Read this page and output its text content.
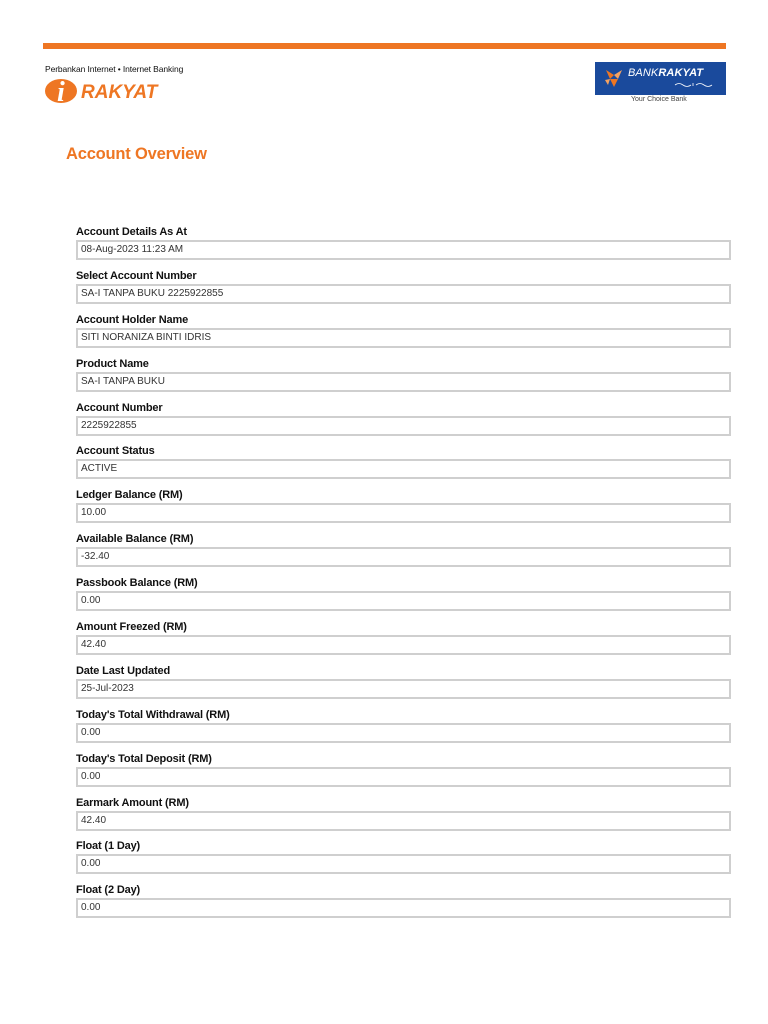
Perbankan Internet • Internet Banking
i RAKYAT
BANKRAKYAT
Your Choice Bank
Account Overview
Account Details As At
08-Aug-2023 11:23 AM
Select Account Number
SA-I TANPA BUKU 2225922855
Account Holder Name
SITI NORANIZA BINTI IDRIS
Product Name
SA-I TANPA BUKU
Account Number
2225922855
Account Status
ACTIVE
Ledger Balance (RM)
10.00
Available Balance (RM)
-32.40
Passbook Balance (RM)
0.00
Amount Freezed (RM)
42.40
Date Last Updated
25-Jul-2023
Today's Total Withdrawal (RM)
0.00
Today's Total Deposit (RM)
0.00
Earmark Amount (RM)
42.40
Float (1 Day)
0.00
Float (2 Day)
0.00
